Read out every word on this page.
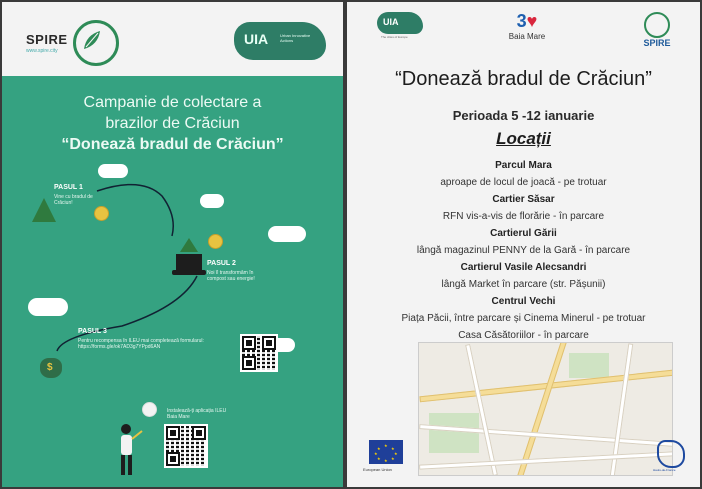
SPIRE
www.spire.city
UIA	Urban Innovative Actions
Campanie de colectare a
brazilor de Crăciun
“Donează bradul de Crăciun”
PASUL 1
Vine cu bradul de Crăciun!
PASUL 2
Noi îl transformăm în compost sau energie!
PASUL 3
Pentru recompensa în ILEU mai completează formularul: https://forms.gle/ok7AD3g7YPpd6AN
$
Instalează-ți aplicația ILEU Baia Mare
UIA
The cities of Europe
3♥
Baia Mare
SPIRE
“Donează bradul de Crăciun”
Perioada 5 -12 ianuarie
Locații
Parcul Mara
aproape de locul de joacă - pe trotuar
Cartier Săsar
RFN vis-a-vis de florărie - în parcare
Cartierul Gării
lângă magazinul PENNY de la Gară - în parcare
Cartierul Vasile Alecsandri
lângă Market în parcare (str. Pășunii)
Centrul Vechi
Piața Păcii, între parcare și Cinema Minerul - pe trotuar
Casa Căsătoriilor - în parcare
★
★
★
★
★
★
★
★
European Union	Hauts-de-France
